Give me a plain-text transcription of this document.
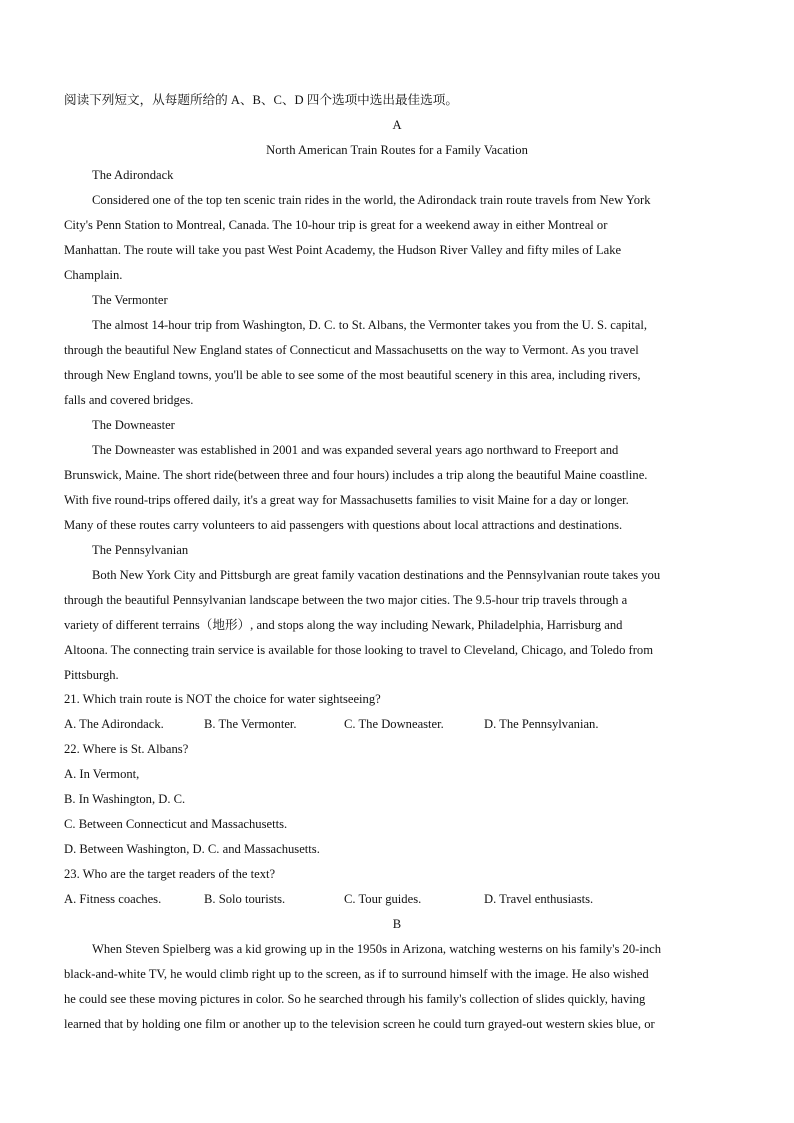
阅读下列短文，从每题所给的 A、B、C、D 四个选项中选出最佳选项。
A
North American Train Routes for a Family Vacation
The Adirondack
Considered one of the top ten scenic train rides in the world, the Adirondack train route travels from New York
City's Penn Station to Montreal, Canada. The 10-hour trip is great for a weekend away in either Montreal or
Manhattan. The route will take you past West Point Academy, the Hudson River Valley and fifty miles of Lake
Champlain.
The Vermonter
The almost 14-hour trip from Washington, D. C. to St. Albans, the Vermonter takes you from the U. S. capital,
through the beautiful New England states of Connecticut and Massachusetts on the way to Vermont. As you travel
through New England towns, you'll be able to see some of the most beautiful scenery in this area, including rivers,
falls and covered bridges.
The Downeaster
The Downeaster was established in 2001 and was expanded several years ago northward to Freeport and
Brunswick, Maine. The short ride(between three and four hours) includes a trip along the beautiful Maine coastline.
With five round-trips offered daily, it's a great way for Massachusetts families to visit Maine for a day or longer.
Many of these routes carry volunteers to aid passengers with questions about local attractions and destinations.
The Pennsylvanian
Both New York City and Pittsburgh are great family vacation destinations and the Pennsylvanian route takes you
through the beautiful Pennsylvanian landscape between the two major cities. The 9.5-hour trip travels through a
variety of different terrains（地形）, and stops along the way including Newark, Philadelphia, Harrisburg and
Altoona. The connecting train service is available for those looking to travel to Cleveland, Chicago, and Toledo from
Pittsburgh.
21. Which train route is NOT the choice for water sightseeing?
A. The Adirondack.	B. The Vermonter.	C. The Downeaster.	D. The Pennsylvanian.
22. Where is St. Albans?
A. In Vermont,
B. In Washington, D. C.
C. Between Connecticut and Massachusetts.
D. Between Washington, D. C. and Massachusetts.
23. Who are the target readers of the text?
A. Fitness coaches.	B. Solo tourists.	C. Tour guides.	D. Travel enthusiasts.
B
When Steven Spielberg was a kid growing up in the 1950s in Arizona, watching westerns on his family's 20-inch
black-and-white TV, he would climb right up to the screen, as if to surround himself with the image. He also wished
he could see these moving pictures in color. So he searched through his family's collection of slides quickly, having
learned that by holding one film or another up to the television screen he could turn grayed-out western skies blue, or
